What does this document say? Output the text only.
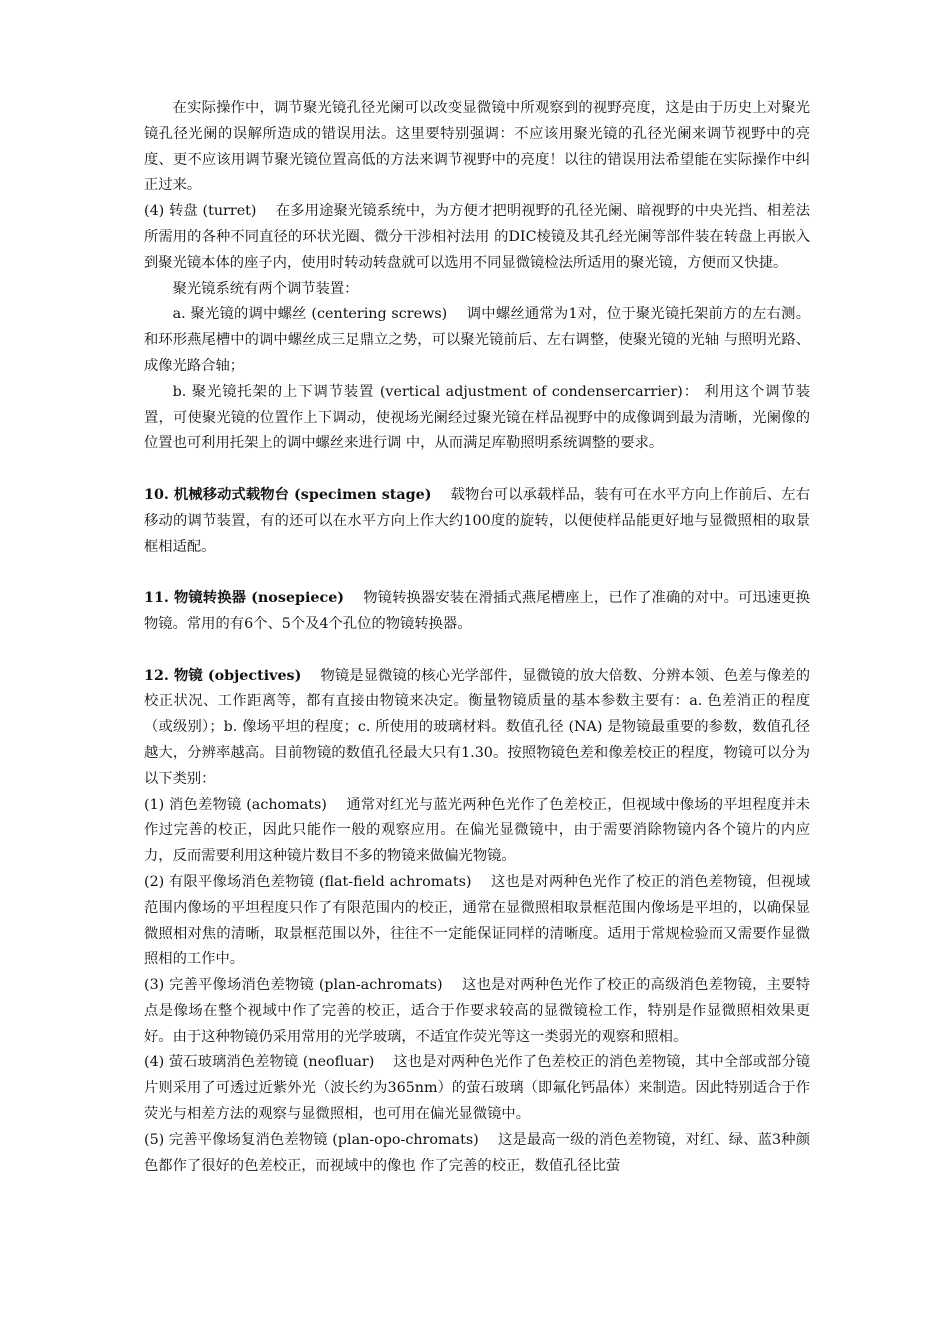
在实际操作中，调节聚光镜孔径光阑可以改变显微镜中所观察到的视野亮度，这是由于历史上对聚光镜孔径光阑的误解所造成的错误用法。这里要特别强调：不应该用聚光镜的孔径光阑来调节视野中的亮度、更不应该用调节聚光镜位置高低的方法来调节视野中的亮度！以往的错误用法希望能在实际操作中纠正过来。

(4) 转盘 (turret)　 在多用途聚光镜系统中，为方便才把明视野的孔径光阑、暗视野的中央光挡、相差法所需用的各种不同直径的环状光圈、微分干涉相衬法用 的DIC棱镜及其孔经光阑等部件装在转盘上再嵌入到聚光镜本体的座子内，使用时转动转盘就可以选用不同显微镜检法所适用的聚光镜，方便而又快捷。

聚光镜系统有两个调节装置：

a. 聚光镜的调中螺丝 (centering screws)　 调中螺丝通常为1对，位于聚光镜托架前方的左右测。和环形燕尾槽中的调中螺丝成三足鼎立之势，可以聚光镜前后、左右调整，使聚光镜的光轴 与照明光路、成像光路合轴；

b. 聚光镜托架的上下调节装置 (vertical adjustment of condensercarrier)： 利用这个调节装置，可使聚光镜的位置作上下调动，使视场光阑经过聚光镜在样品视野中的成像调到最为清晰，光阑像的位置也可利用托架上的调中螺丝来进行调 中，从而满足库勒照明系统调整的要求。

10. 机械移动式载物台 (specimen stage)　 载物台可以承载样品，装有可在水平方向上作前后、左右移动的调节装置，有的还可以在水平方向上作大约100度的旋转，以便使样品能更好地与显微照相的取景框相适配。

11. 物镜转换器 (nosepiece)　 物镜转换器安装在滑插式燕尾槽座上，已作了准确的对中。可迅速更换物镜。常用的有6个、5个及4个孔位的物镜转换器。

12. 物镜 (objectives)　 物镜是显微镜的核心光学部件，显微镜的放大倍数、分辨本领、色差与像差的校正状况、工作距离等，都有直接由物镜来决定。衡量物镜质量的基本参数主要有：a. 色差消正的程度（或级别）；b. 像场平坦的程度；c. 所使用的玻璃材料。数值孔径 (NA) 是物镜最重要的参数，数值孔径越大，分辨率越高。目前物镜的数值孔径最大只有1.30。按照物镜色差和像差校正的程度，物镜可以分为以下类别：

(1) 消色差物镜 (achomats)　 通常对红光与蓝光两种色光作了色差校正，但视域中像场的平坦程度并未作过完善的校正，因此只能作一般的观察应用。在偏光显微镜中，由于需要消除物镜内各个镜片的内应力，反而需要利用这种镜片数目不多的物镜来做偏光物镜。

(2) 有限平像场消色差物镜 (flat-field achromats)　 这也是对两种色光作了校正的消色差物镜，但视域范围内像场的平坦程度只作了有限范围内的校正，通常在显微照相取景框范围内像场是平坦的，以确保显微照相对焦的清晰，取景框范围以外，往往不一定能保证同样的清晰度。适用于常规检验而又需要作显微照相的工作中。

(3) 完善平像场消色差物镜 (plan-achromats)　 这也是对两种色光作了校正的高级消色差物镜，主要特点是像场在整个视域中作了完善的校正，适合于作要求较高的显微镜检工作，特别是作显微照相效果更好。由于这种物镜仍采用常用的光学玻璃，不适宜作荧光等这一类弱光的观察和照相。

(4) 萤石玻璃消色差物镜 (neofluar)　 这也是对两种色光作了色差校正的消色差物镜，其中全部或部分镜片则采用了可透过近紫外光（波长约为365nm）的萤石玻璃（即氟化钙晶体）来制造。因此特别适合于作荧光与相差方法的观察与显微照相，也可用在偏光显微镜中。

(5) 完善平像场复消色差物镜 (plan-opo-chromats)　 这是最高一级的消色差物镜，对红、绿、蓝3种颜色都作了很好的色差校正，而视域中的像也 作了完善的校正，数值孔径比萤
